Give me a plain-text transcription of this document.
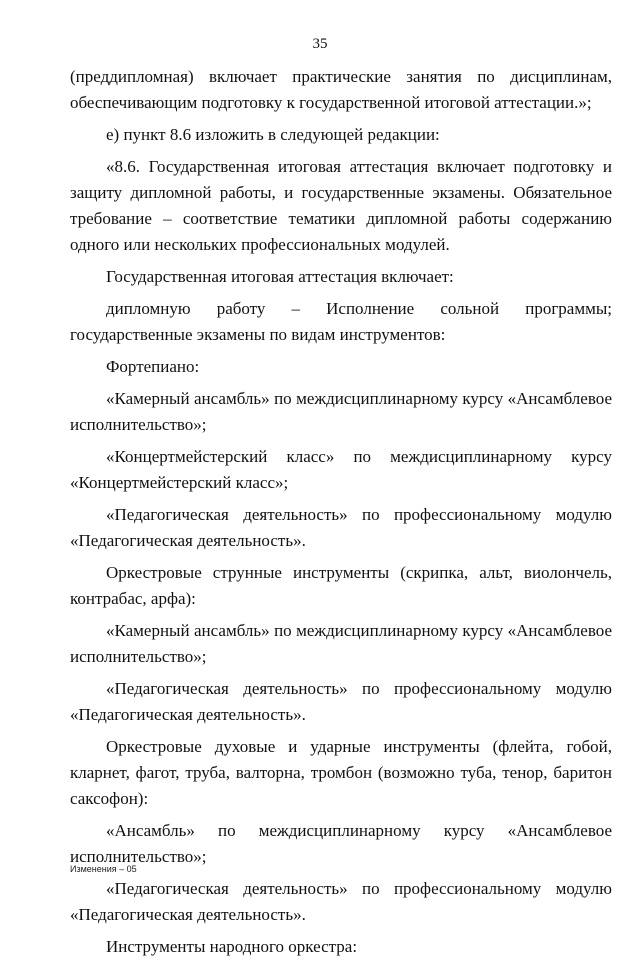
35

(преддипломная) включает практические занятия по дисциплинам, обеспечивающим подготовку к государственной итоговой аттестации.»;

е) пункт 8.6 изложить в следующей редакции:

«8.6. Государственная итоговая аттестация включает подготовку и защиту дипломной работы, и государственные экзамены. Обязательное требование – соответствие тематики дипломной работы содержанию одного или нескольких профессиональных модулей.

Государственная итоговая аттестация включает:

дипломную работу – Исполнение сольной программы; государственные экзамены по видам инструментов:

Фортепиано:

«Камерный ансамбль» по междисциплинарному курсу «Ансамблевое исполнительство»;

«Концертмейстерский класс» по междисциплинарному курсу «Концертмейстерский класс»;

«Педагогическая деятельность» по профессиональному модулю «Педагогическая деятельность».

Оркестровые струнные инструменты (скрипка, альт, виолончель, контрабас, арфа):

«Камерный ансамбль» по междисциплинарному курсу «Ансамблевое исполнительство»;

«Педагогическая деятельность» по профессиональному модулю «Педагогическая деятельность».

Оркестровые духовые и ударные инструменты (флейта, гобой, кларнет, фагот, труба, валторна, тромбон (возможно туба, тенор, баритон саксофон):

«Ансамбль» по междисциплинарному курсу «Ансамблевое исполнительство»;

«Педагогическая деятельность» по профессиональному модулю «Педагогическая деятельность».

Инструменты народного оркестра:

Изменения – 05
